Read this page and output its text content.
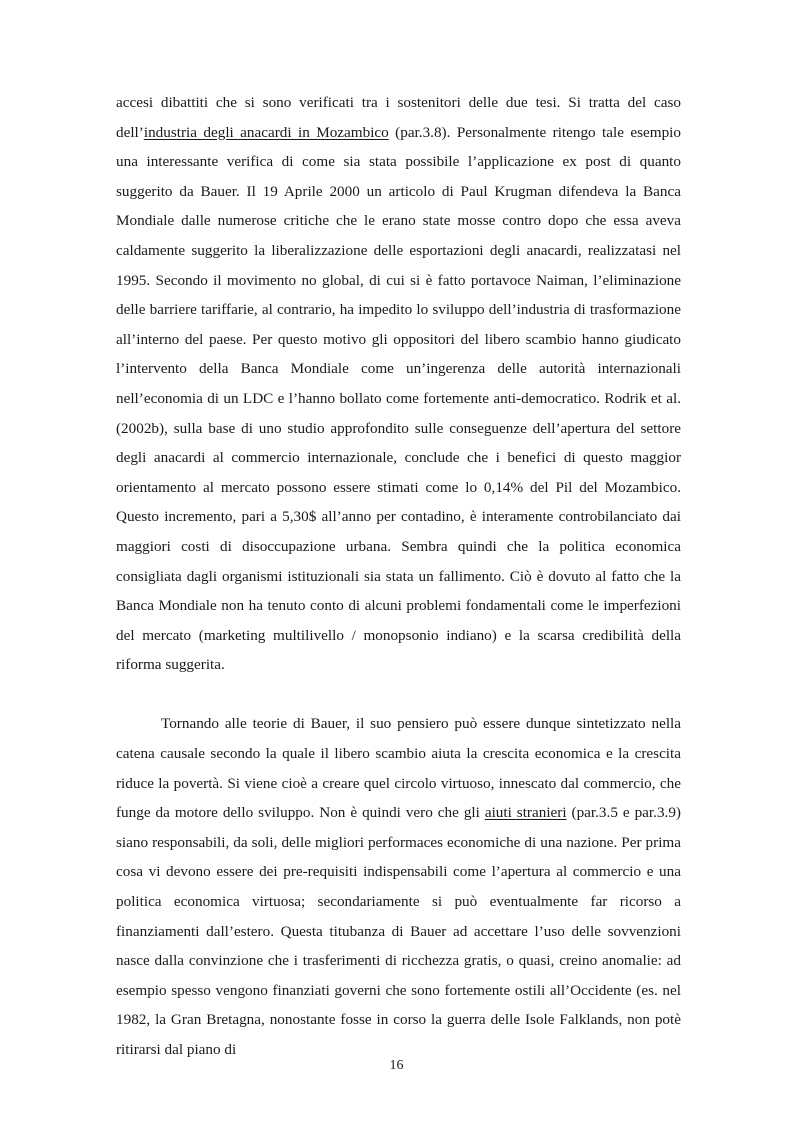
accesi dibattiti che si sono verificati tra i sostenitori delle due tesi. Si tratta del caso dell’industria degli anacardi in Mozambico (par.3.8). Personalmente ritengo tale esempio una interessante verifica di come sia stata possibile l’applicazione ex post di quanto suggerito da Bauer. Il 19 Aprile 2000 un articolo di Paul Krugman difendeva la Banca Mondiale dalle numerose critiche che le erano state mosse contro dopo che essa aveva caldamente suggerito la liberalizzazione delle esportazioni degli anacardi, realizzatasi nel 1995. Secondo il movimento no global, di cui si è fatto portavoce Naiman, l’eliminazione delle barriere tariffarie, al contrario, ha impedito lo sviluppo dell’industria di trasformazione all’interno del paese. Per questo motivo gli oppositori del libero scambio hanno giudicato l’intervento della Banca Mondiale come un’ingerenza delle autorità internazionali nell’economia di un LDC e l’hanno bollato come fortemente anti-democratico. Rodrik et al.(2002b), sulla base di uno studio approfondito sulle conseguenze dell’apertura del settore degli anacardi al commercio internazionale, conclude che i benefici di questo maggior orientamento al mercato possono essere stimati come lo 0,14% del Pil del Mozambico. Questo incremento, pari a 5,30$ all’anno per contadino, è interamente controbilanciato dai maggiori costi di disoccupazione urbana. Sembra quindi che la politica economica consigliata dagli organismi istituzionali sia stata un fallimento. Ciò è dovuto al fatto che la Banca Mondiale non ha tenuto conto di alcuni problemi fondamentali come le imperfezioni del mercato (marketing multilivello / monopsonio indiano) e la scarsa credibilità della riforma suggerita.

Tornando alle teorie di Bauer, il suo pensiero può essere dunque sintetizzato nella catena causale secondo la quale il libero scambio aiuta la crescita economica e la crescita riduce la povertà. Si viene cioè a creare quel circolo virtuoso, innescato dal commercio, che funge da motore dello sviluppo. Non è quindi vero che gli aiuti stranieri (par.3.5 e par.3.9) siano responsabili, da soli, delle migliori performaces economiche di una nazione. Per prima cosa vi devono essere dei pre-requisiti indispensabili come l’apertura al commercio e una politica economica virtuosa; secondariamente si può eventualmente far ricorso a finanziamenti dall’estero. Questa titubanza di Bauer ad accettare l’uso delle sovvenzioni nasce dalla convinzione che i trasferimenti di ricchezza gratis, o quasi, creino anomalie: ad esempio spesso vengono finanziati governi che sono fortemente ostili all’Occidente (es. nel 1982, la Gran Bretagna, nonostante fosse in corso la guerra delle Isole Falklands, non potè ritirarsi dal piano di

16
